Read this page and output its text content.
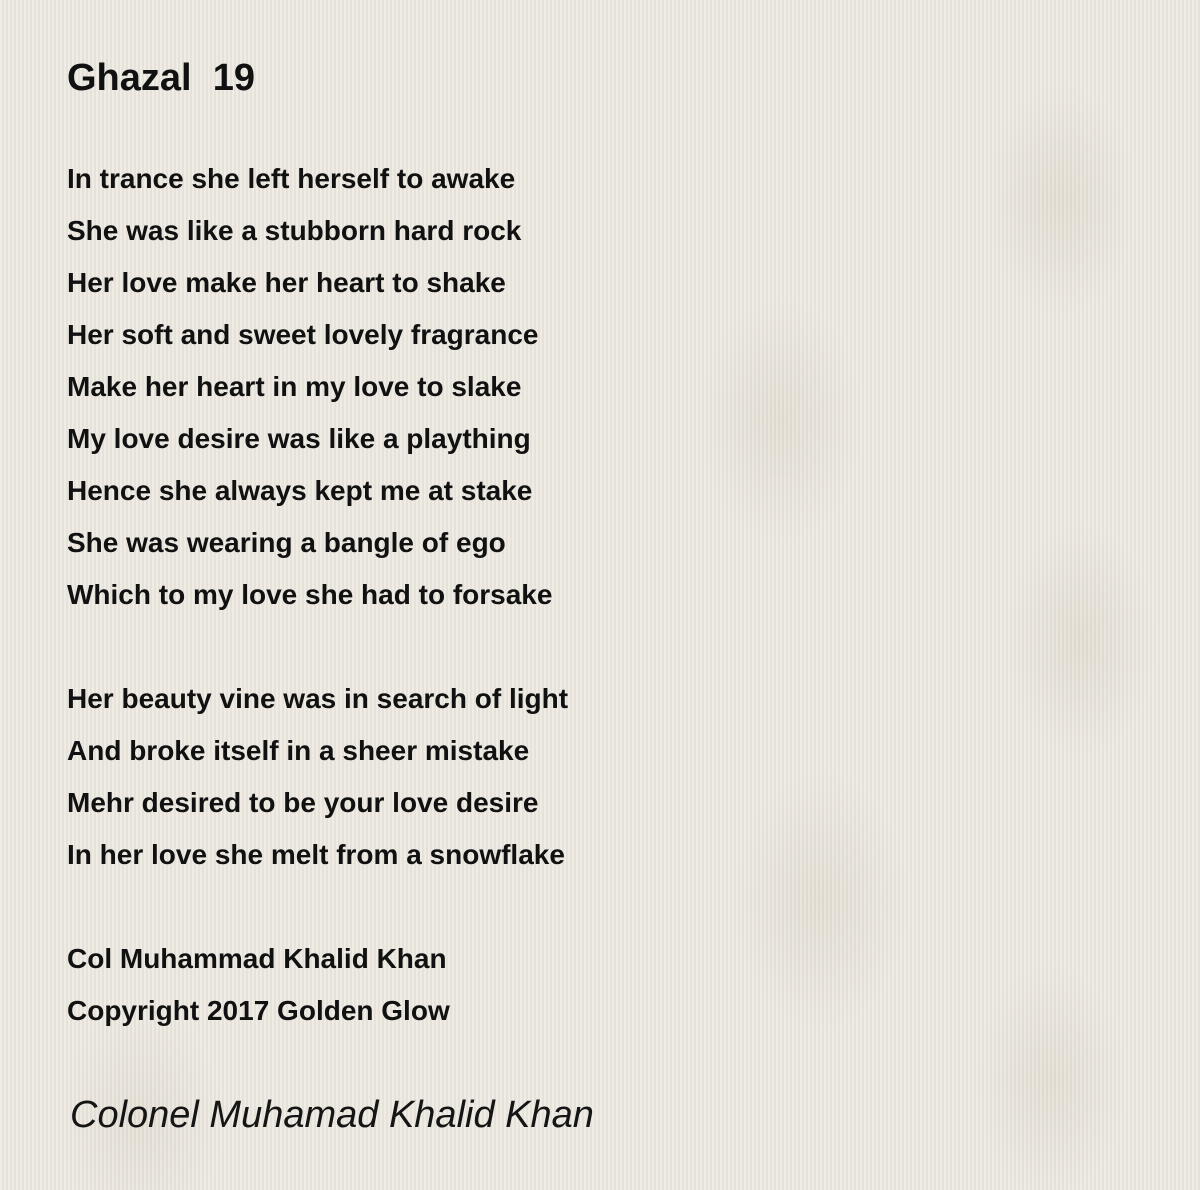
Ghazal  19
In trance she left herself to awake
She was like a stubborn hard rock
Her love make her heart to shake
Her soft and sweet lovely fragrance
Make her heart in my love to slake
My love desire was like a plaything
Hence she always kept me at stake
She was wearing a bangle of ego
Which to my love she had to forsake
Her beauty vine was in search of light
And broke itself in a sheer mistake
Mehr desired to be your love desire
In her love she melt from a snowflake
Col Muhammad Khalid Khan
Copyright 2017 Golden Glow
Colonel Muhamad Khalid Khan
